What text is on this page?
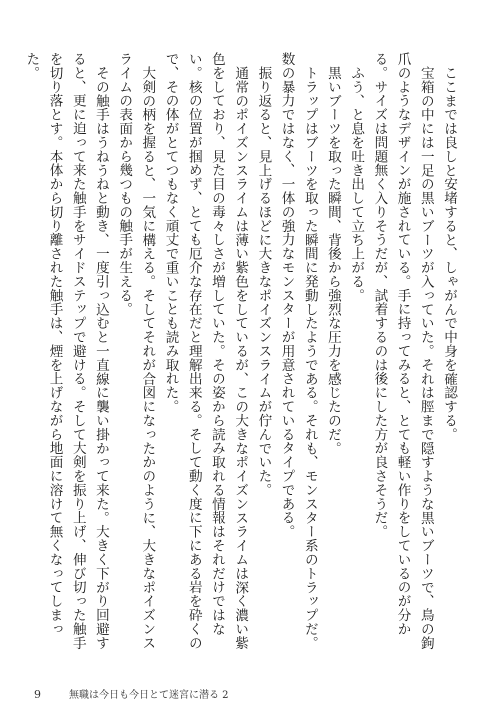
ここまでは良しと安堵すると、しゃがんで中身を確認する。

宝箱の中には一足の黒いブーツが入っていた。それは脛まで隠すような黒いブーツで、鳥の鉤爪のようなデザインが施されている。手に持ってみると、とても軽い作りをしているのが分かる。サイズは問題無く入りそうだが、試着するのは後にした方が良さそうだ。

ふう、と息を吐き出して立ち上がる。

黒いブーツを取った瞬間、背後から強烈な圧力を感じたのだ。

トラップはブーツを取った瞬間に発動したようである。それも、モンスター系のトラップだ。数の暴力ではなく、一体の強力なモンスターが用意されているタイプである。

振り返ると、見上げるほどに大きなポイズンスライムが佇んでいた。

通常のポイズンスライムは薄い紫色をしているが、この大きなポイズンスライムは深く濃い紫色をしており、見た目の毒々しさが増していた。その姿から読み取れる情報はそれだけではない。核の位置が掴めず、とても厄介な存在だと理解出来る。そして動く度に下にある岩を砕くので、その体がとてつもなく頑丈で重いことも読み取れた。

大剣の柄を握ると、一気に構える。そしてそれが合図になったかのように、大きなポイズンスライムの表面から幾つもの触手が生える。

その触手はうねうねと動き、一度引っ込むと一直線に襲い掛かって来た。大きく下がり回避すると、更に迫って来た触手をサイドステップで避ける。そして大剣を振り上げ、伸び切った触手を切り落とす。本体から切り離された触手は、煙を上げながら地面に溶けて無くなってしまった。

9	無職は今日も今日とて迷宮に潜る 2
